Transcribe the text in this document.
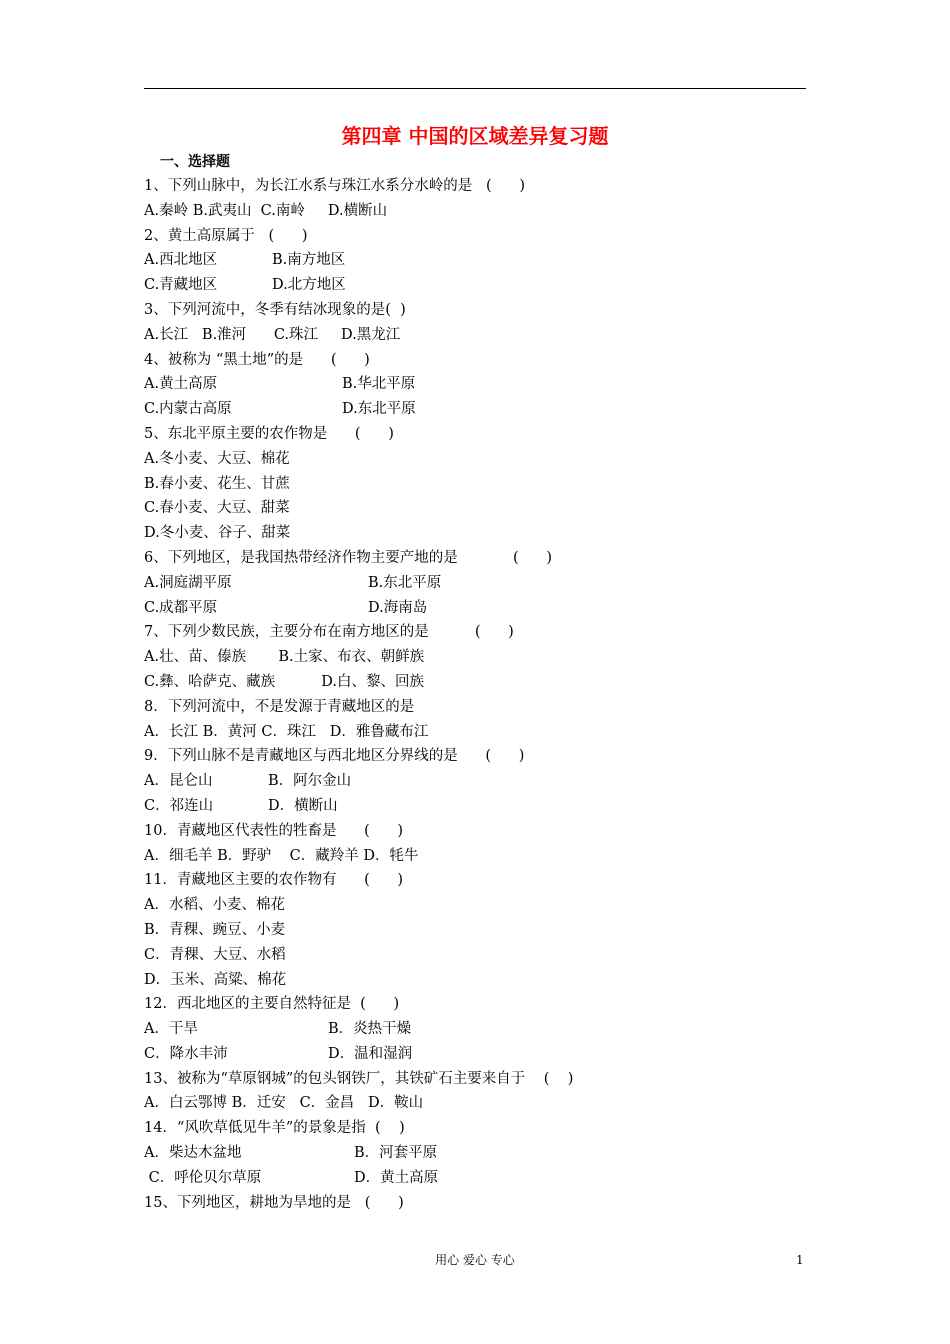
第四章 中国的区域差异复习题
一、选择题
1、下列山脉中，为长江水系与珠江水系分水岭的是   (      )
A.秦岭 B.武夷山  C.南岭     D.横断山
2、黄土高原属于   (      )
A.西北地区	B.南方地区
C.青藏地区	D.北方地区
3、下列河流中，冬季有结冰现象的是(  )
A.长江   B.淮河      C.珠江     D.黑龙江
4、被称为 “黑土地”的是      (      )
A.黄土高原	B.华北平原
C.内蒙古高原	D.东北平原
5、东北平原主要的农作物是      (      )
A.冬小麦、大豆、棉花
B.春小麦、花生、甘蔗
C.春小麦、大豆、甜菜
D.冬小麦、谷子、甜菜
6、下列地区，是我国热带经济作物主要产地的是            (      )
A.洞庭湖平原	B.东北平原
C.成都平原	D.海南岛
7、下列少数民族，主要分布在南方地区的是          (      )
A.壮、苗、傣族       B.土家、布衣、朝鲜族
C.彝、哈萨克、藏族          D.白、黎、回族
8．下列河流中，不是发源于青藏地区的是
A．长江 B．黄河 C．珠江   D．雅鲁藏布江
9．下列山脉不是青藏地区与西北地区分界线的是      (      )
A．昆仑山	B．阿尔金山
C．祁连山	D．横断山
10．青藏地区代表性的牲畜是      (      )
A．细毛羊 B．野驴    C．藏羚羊 D．牦牛
11．青藏地区主要的农作物有      (      )
A．水稻、小麦、棉花
B．青稞、豌豆、小麦
C．青稞、大豆、水稻
D．玉米、高粱、棉花
12．西北地区的主要自然特征是  (      )
A．干旱	B．炎热干燥
C．降水丰沛	D．温和湿润
13、被称为“草原钢城”的包头钢铁厂，其铁矿石主要来自于    (    )
A．白云鄂博 B．迁安   C．金昌   D．鞍山
14．“风吹草低见牛羊”的景象是指  (    )
A．柴达木盆地	B．河套平原
C．呼伦贝尔草原	D．黄土高原
15、下列地区，耕地为旱地的是   (      )
用心 爱心 专心	1
